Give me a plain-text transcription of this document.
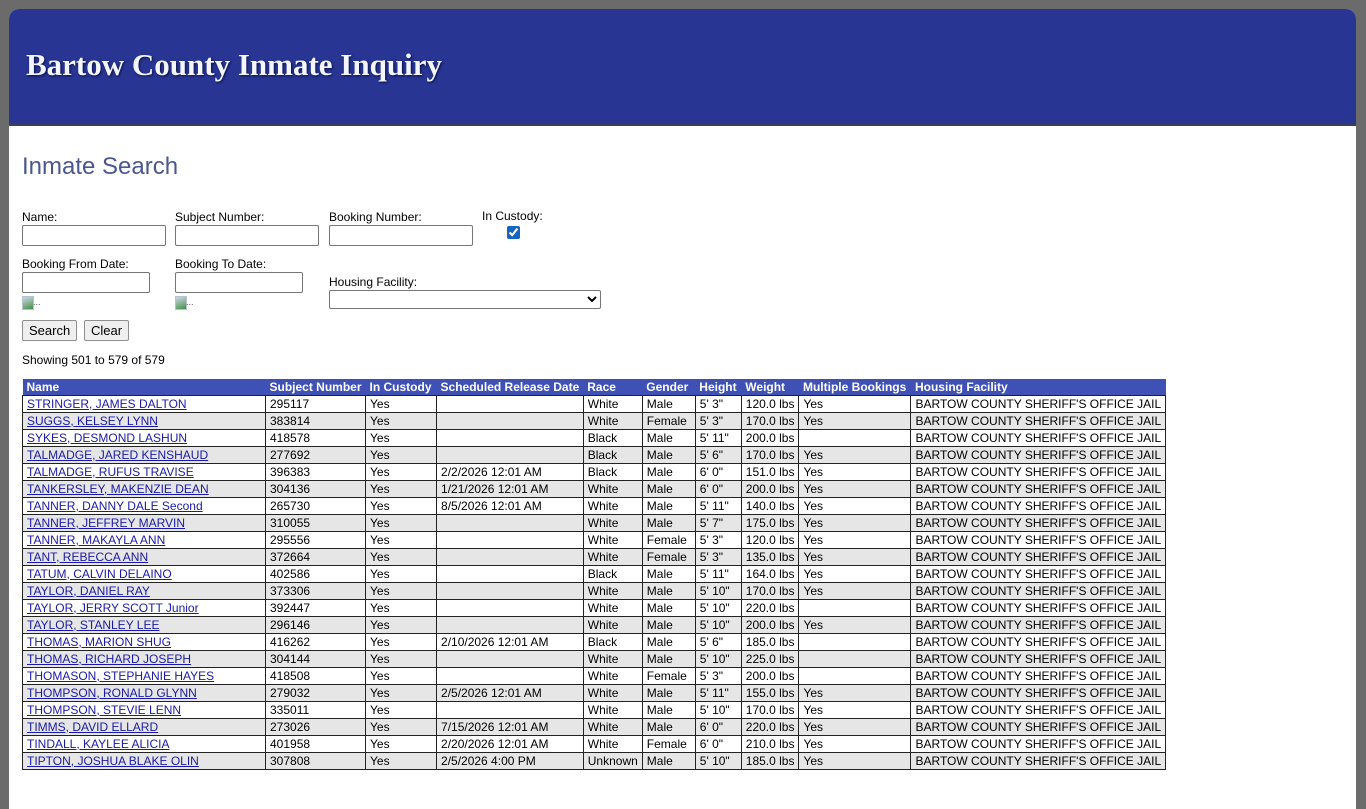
Bartow County Inmate Inquiry
Inmate Search
Name:	Subject Number:	Booking Number:	In Custody:
Booking From Date:

...
Booking To Date:

...
Housing Facility:
Search	Clear
Showing 501 to 579 of 579
Name	Subject Number	In Custody	Scheduled Release Date	Race	Gender	Height	Weight	Multiple Bookings	Housing Facility
STRINGER, JAMES DALTON	295117	Yes		White	Male	5' 3"	120.0 lbs	Yes	BARTOW COUNTY SHERIFF'S OFFICE JAIL
SUGGS, KELSEY LYNN	383814	Yes		White	Female	5' 3"	170.0 lbs	Yes	BARTOW COUNTY SHERIFF'S OFFICE JAIL
SYKES, DESMOND LASHUN	418578	Yes		Black	Male	5' 11"	200.0 lbs		BARTOW COUNTY SHERIFF'S OFFICE JAIL
TALMADGE, JARED KENSHAUD	277692	Yes		Black	Male	5' 6"	170.0 lbs	Yes	BARTOW COUNTY SHERIFF'S OFFICE JAIL
TALMADGE, RUFUS TRAVISE	396383	Yes	2/2/2026 12:01 AM	Black	Male	6' 0"	151.0 lbs	Yes	BARTOW COUNTY SHERIFF'S OFFICE JAIL
TANKERSLEY, MAKENZIE DEAN	304136	Yes	1/21/2026 12:01 AM	White	Male	6' 0"	200.0 lbs	Yes	BARTOW COUNTY SHERIFF'S OFFICE JAIL
TANNER, DANNY DALE Second	265730	Yes	8/5/2026 12:01 AM	White	Male	5' 11"	140.0 lbs	Yes	BARTOW COUNTY SHERIFF'S OFFICE JAIL
TANNER, JEFFREY MARVIN	310055	Yes		White	Male	5' 7"	175.0 lbs	Yes	BARTOW COUNTY SHERIFF'S OFFICE JAIL
TANNER, MAKAYLA ANN	295556	Yes		White	Female	5' 3"	120.0 lbs	Yes	BARTOW COUNTY SHERIFF'S OFFICE JAIL
TANT, REBECCA ANN	372664	Yes		White	Female	5' 3"	135.0 lbs	Yes	BARTOW COUNTY SHERIFF'S OFFICE JAIL
TATUM, CALVIN DELAINO	402586	Yes		Black	Male	5' 11"	164.0 lbs	Yes	BARTOW COUNTY SHERIFF'S OFFICE JAIL
TAYLOR, DANIEL RAY	373306	Yes		White	Male	5' 10"	170.0 lbs	Yes	BARTOW COUNTY SHERIFF'S OFFICE JAIL
TAYLOR, JERRY SCOTT Junior	392447	Yes		White	Male	5' 10"	220.0 lbs		BARTOW COUNTY SHERIFF'S OFFICE JAIL
TAYLOR, STANLEY LEE	296146	Yes		White	Male	5' 10"	200.0 lbs	Yes	BARTOW COUNTY SHERIFF'S OFFICE JAIL
THOMAS, MARION SHUG	416262	Yes	2/10/2026 12:01 AM	Black	Male	5' 6"	185.0 lbs		BARTOW COUNTY SHERIFF'S OFFICE JAIL
THOMAS, RICHARD JOSEPH	304144	Yes		White	Male	5' 10"	225.0 lbs		BARTOW COUNTY SHERIFF'S OFFICE JAIL
THOMASON, STEPHANIE HAYES	418508	Yes		White	Female	5' 3"	200.0 lbs		BARTOW COUNTY SHERIFF'S OFFICE JAIL
THOMPSON, RONALD GLYNN	279032	Yes	2/5/2026 12:01 AM	White	Male	5' 11"	155.0 lbs	Yes	BARTOW COUNTY SHERIFF'S OFFICE JAIL
THOMPSON, STEVIE LENN	335011	Yes		White	Male	5' 10"	170.0 lbs	Yes	BARTOW COUNTY SHERIFF'S OFFICE JAIL
TIMMS, DAVID ELLARD	273026	Yes	7/15/2026 12:01 AM	White	Male	6' 0"	220.0 lbs	Yes	BARTOW COUNTY SHERIFF'S OFFICE JAIL
TINDALL, KAYLEE ALICIA	401958	Yes	2/20/2026 12:01 AM	White	Female	6' 0"	210.0 lbs	Yes	BARTOW COUNTY SHERIFF'S OFFICE JAIL
TIPTON, JOSHUA BLAKE OLIN	307808	Yes	2/5/2026 4:00 PM	Unknown	Male	5' 10"	185.0 lbs	Yes	BARTOW COUNTY SHERIFF'S OFFICE JAIL
